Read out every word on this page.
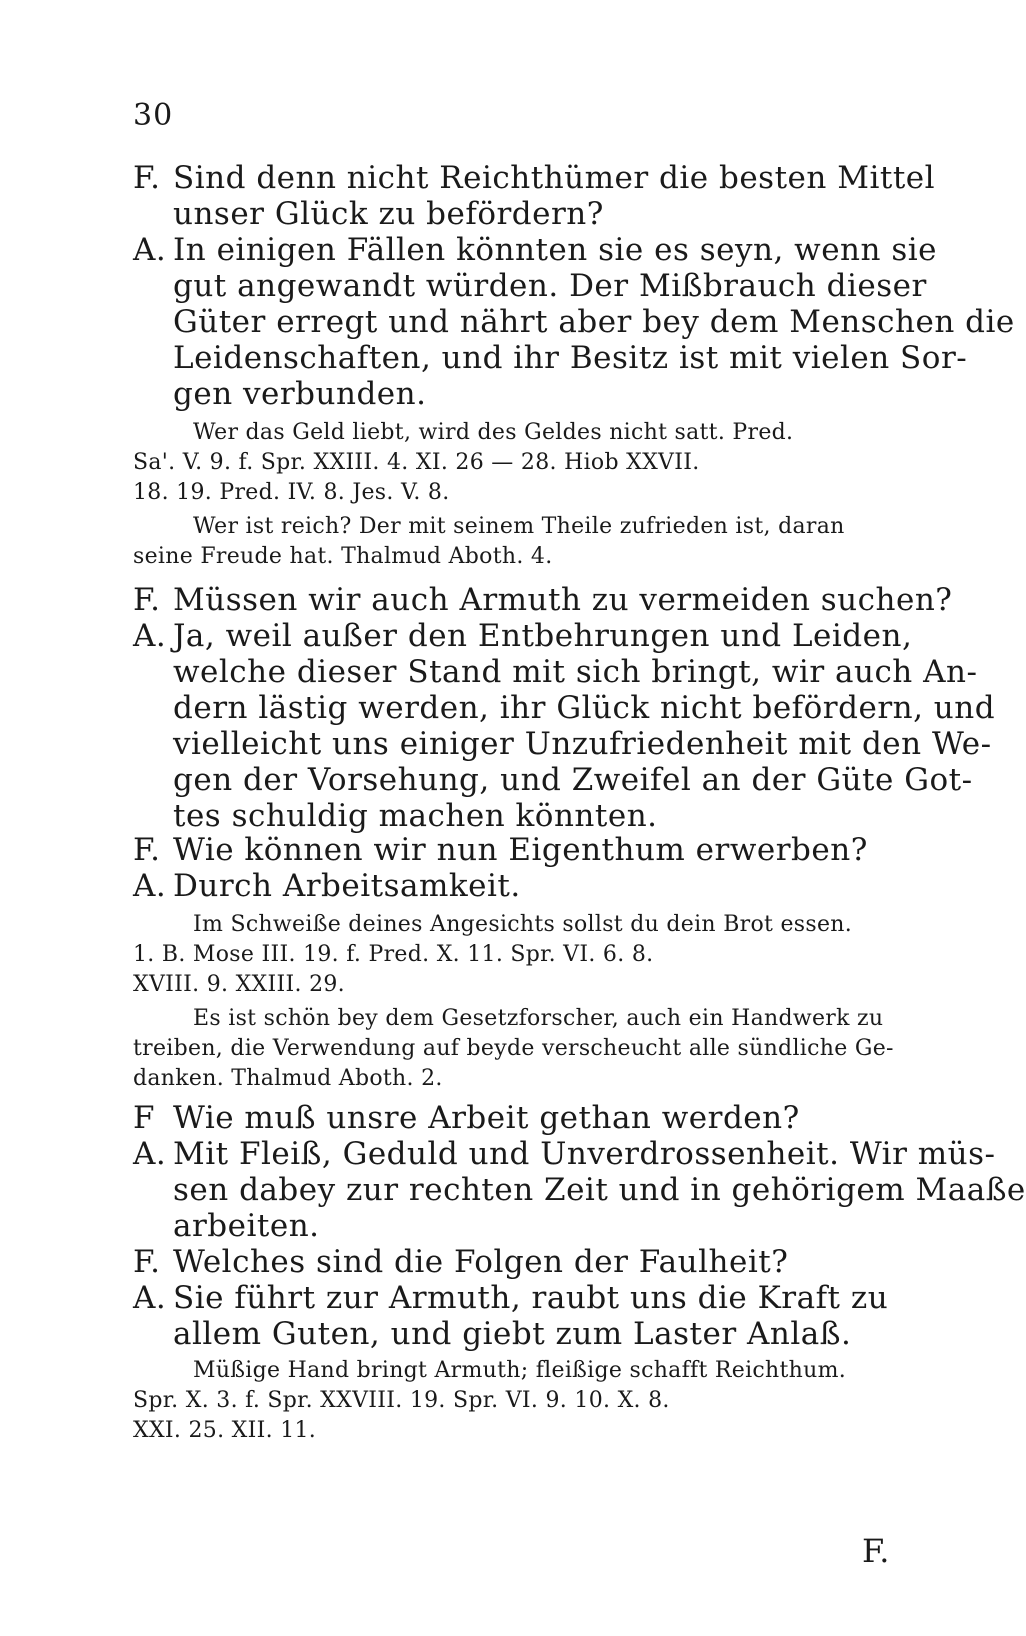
30
F. Sind denn nicht Reichthümer die besten Mittel
unser Glück zu befördern?
A. In einigen Fällen könnten sie es seyn, wenn sie
gut angewandt würden. Der Mißbrauch dieser
Güter erregt und nährt aber bey dem Menschen die
Leidenschaften, und ihr Besitz ist mit vielen Sor-
gen verbunden.
Wer das Geld liebt, wird des Geldes nicht satt. Pred.
Sa'. V. 9. f. Spr. XXIII. 4. XI. 26 — 28. Hiob XXVII.
18. 19. Pred. IV. 8. Jes. V. 8.
Wer ist reich? Der mit seinem Theile zufrieden ist, daran
seine Freude hat. Thalmud Aboth. 4.
F. Müssen wir auch Armuth zu vermeiden suchen?
A. Ja, weil außer den Entbehrungen und Leiden,
welche dieser Stand mit sich bringt, wir auch An-
dern lästig werden, ihr Glück nicht befördern, und
vielleicht uns einiger Unzufriedenheit mit den We-
gen der Vorsehung, und Zweifel an der Güte Got-
tes schuldig machen könnten.
F. Wie können wir nun Eigenthum erwerben?
A. Durch Arbeitsamkeit.
Im Schweiße deines Angesichts sollst du dein Brot essen.
1. B. Mose III. 19. f. Pred. X. 11. Spr. VI. 6. 8.
XVIII. 9. XXIII. 29.
Es ist schön bey dem Gesetzforscher, auch ein Handwerk zu
treiben, die Verwendung auf beyde verscheucht alle sündliche Ge-
danken. Thalmud Aboth. 2.
F Wie muß unsre Arbeit gethan werden?
A. Mit Fleiß, Geduld und Unverdrossenheit. Wir müs-
sen dabey zur rechten Zeit und in gehörigem Maaße
arbeiten.
F. Welches sind die Folgen der Faulheit?
A. Sie führt zur Armuth, raubt uns die Kraft zu
allem Guten, und giebt zum Laster Anlaß.
Müßige Hand bringt Armuth; fleißige schafft Reichthum.
Spr. X. 3. f. Spr. XXVIII. 19. Spr. VI. 9. 10. X. 8.
XXI. 25. XII. 11.
F.
